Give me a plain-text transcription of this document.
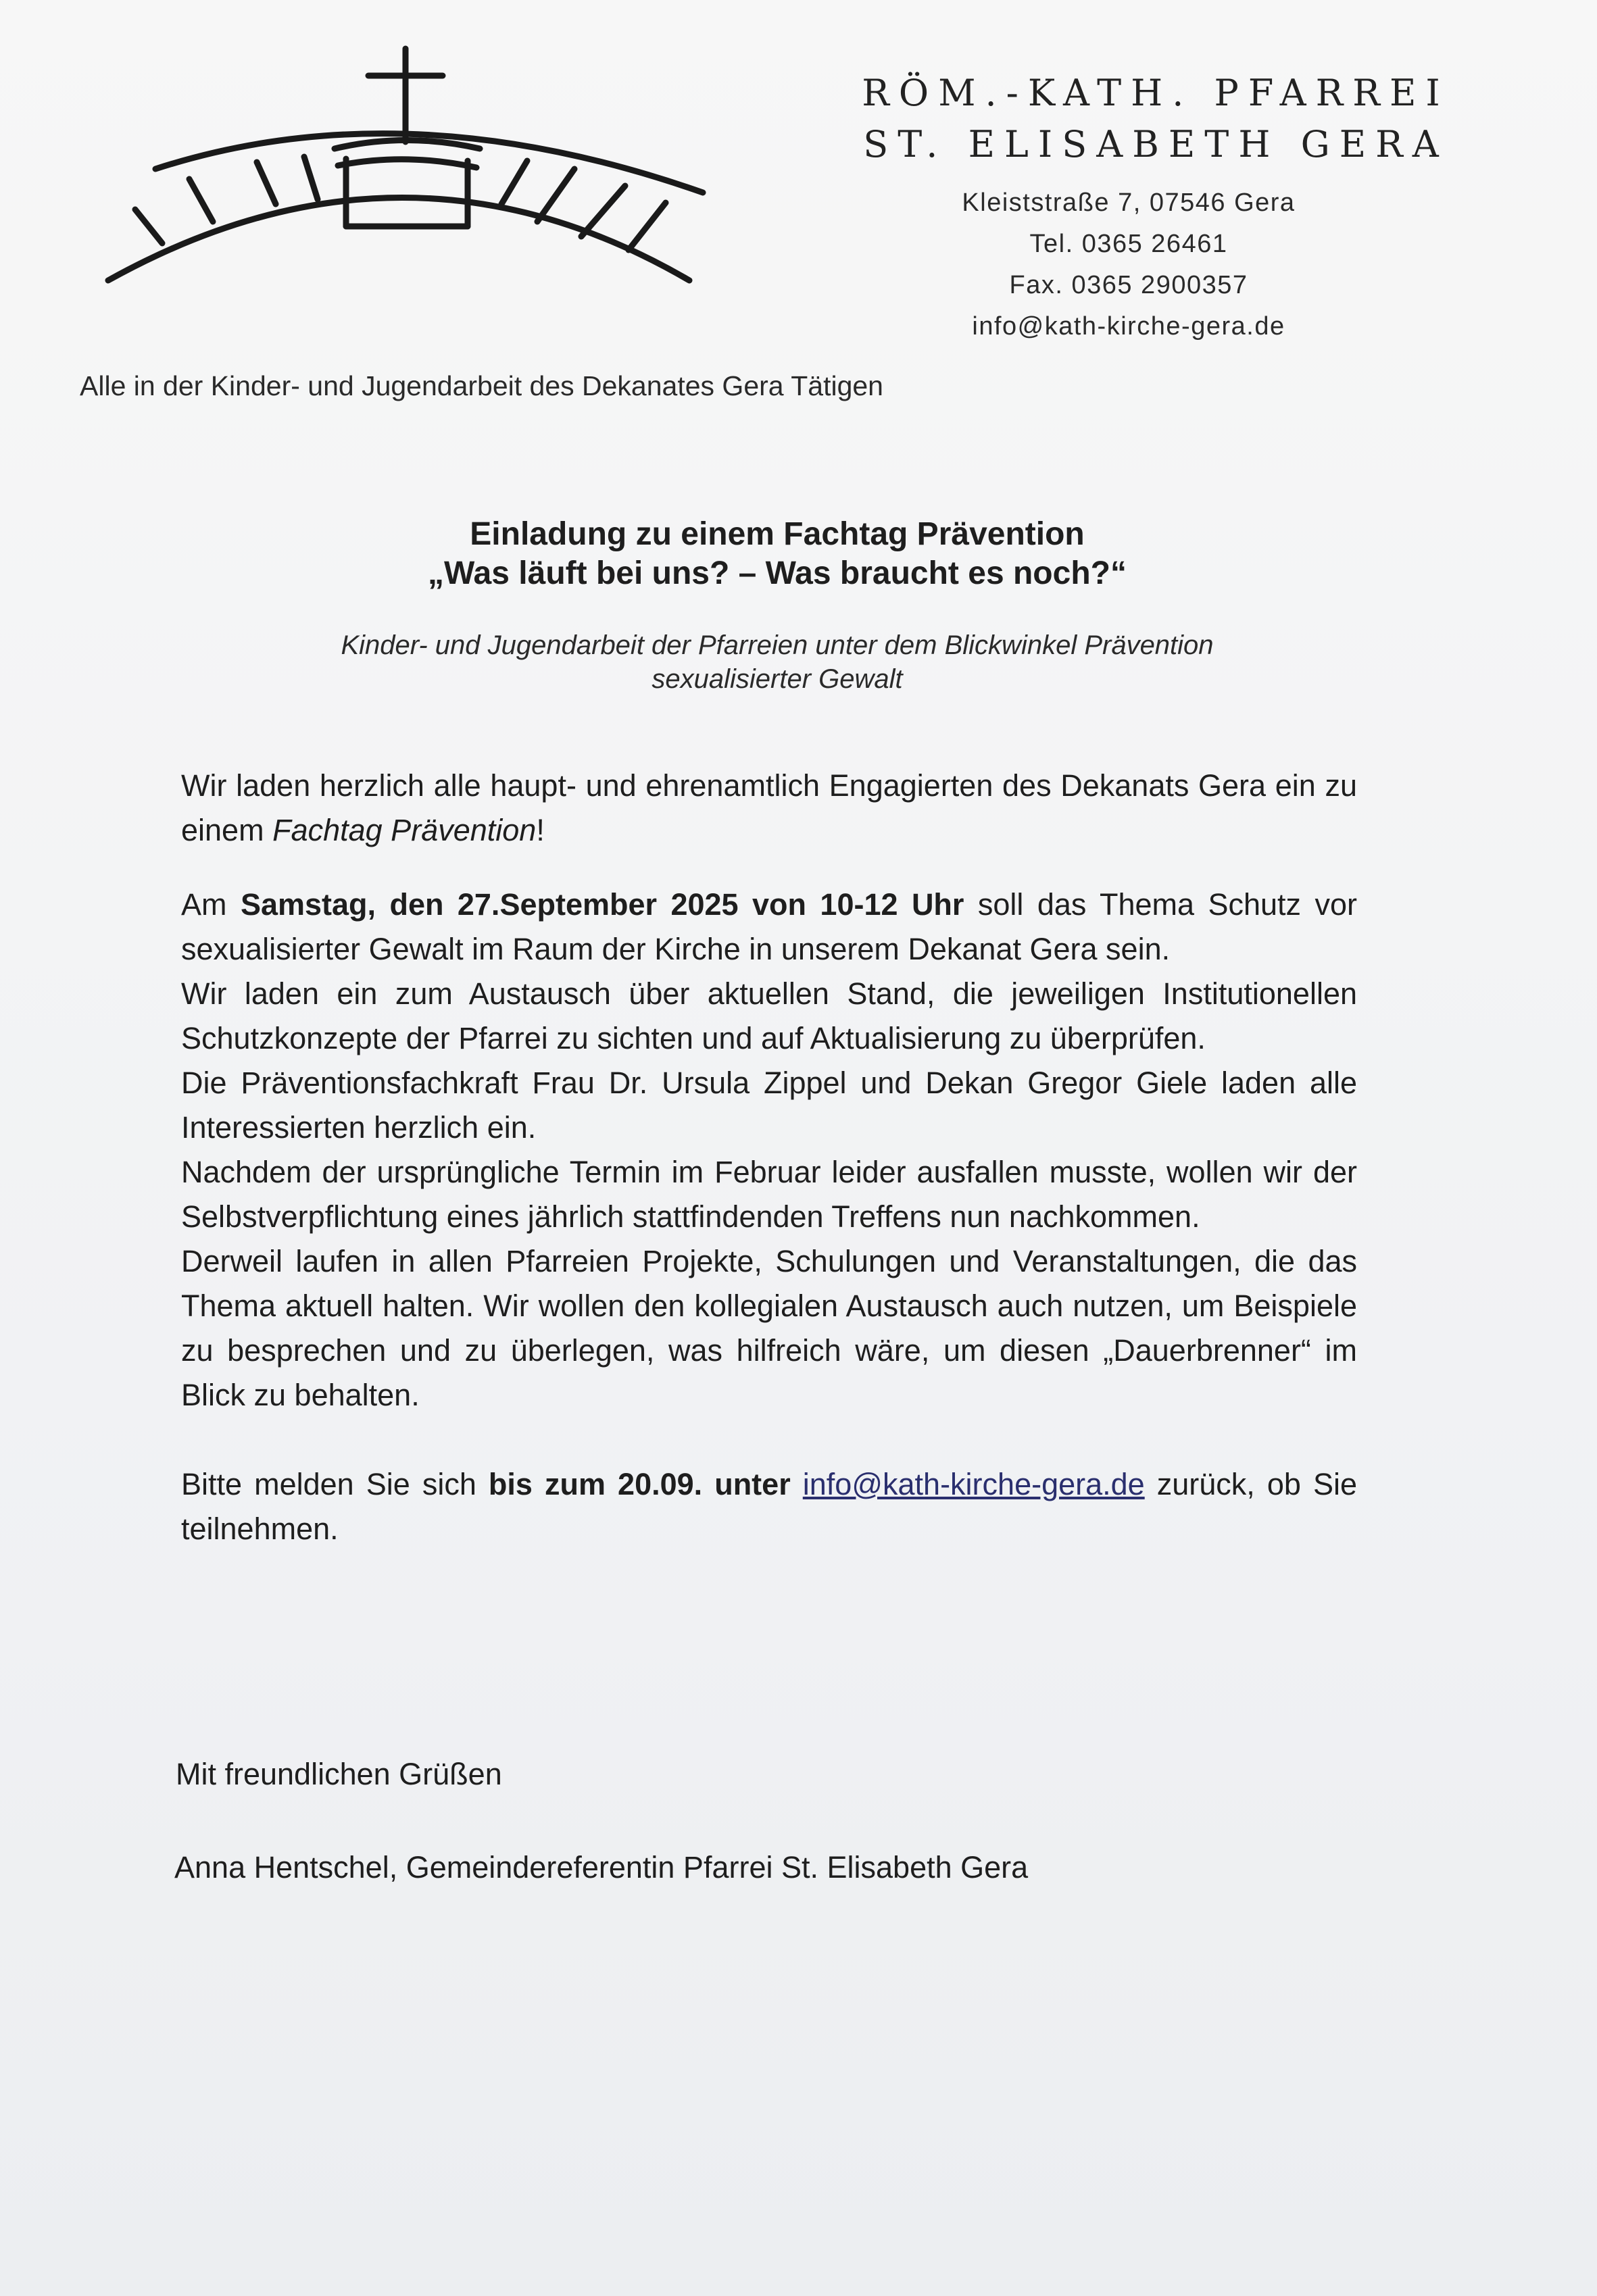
RÖM.-KATH. PFARREI
ST. ELISABETH GERA
Kleiststraße 7, 07546 Gera
Tel. 0365 26461
Fax. 0365 2900357
info@kath-kirche-gera.de
Alle in der Kinder- und Jugendarbeit des Dekanates Gera Tätigen
Einladung zu einem Fachtag Prävention
„Was läuft bei uns? – Was braucht es noch?“
Kinder- und Jugendarbeit der Pfarreien unter dem Blickwinkel Prävention
sexualisierter Gewalt

Wir laden herzlich alle haupt- und ehrenamtlich Engagierten des Dekanats Gera ein zu einem Fachtag Prävention!

Am Samstag, den 27.September 2025 von 10-12 Uhr soll das Thema Schutz vor sexualisierter Gewalt im Raum der Kirche in unserem Dekanat Gera sein.

Wir laden ein zum Austausch über aktuellen Stand, die jeweiligen Institutionellen Schutzkonzepte der Pfarrei zu sichten und auf Aktualisierung zu überprüfen.

Die Präventionsfachkraft Frau Dr. Ursula Zippel und Dekan Gregor Giele laden alle Interessierten herzlich ein.

Nachdem der ursprüngliche Termin im Februar leider ausfallen musste, wollen wir der Selbstverpflichtung eines jährlich stattfindenden Treffens nun nachkommen.

Derweil laufen in allen Pfarreien Projekte, Schulungen und Veranstaltungen, die das Thema aktuell halten. Wir wollen den kollegialen Austausch auch nutzen, um Beispiele zu besprechen und zu überlegen, was hilfreich wäre, um diesen „Dauerbrenner“ im Blick zu behalten.

Bitte melden Sie sich bis zum 20.09. unter info@kath-kirche-gera.de zurück, ob Sie teilnehmen.

Mit freundlichen Grüßen
Anna Hentschel, Gemeindereferentin Pfarrei St. Elisabeth Gera
